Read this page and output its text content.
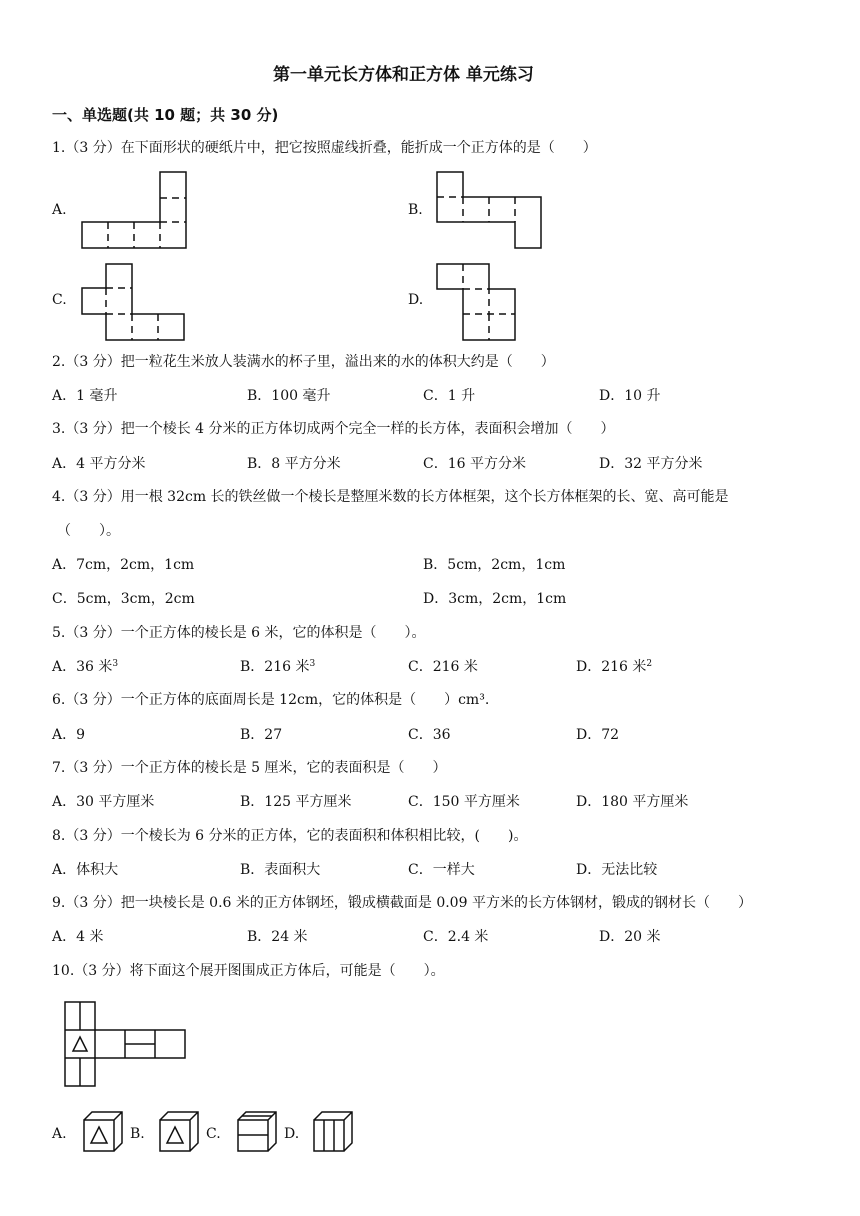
第一单元长方体和正方体 单元练习
一、单选题(共 10 题；共 30 分)
1.（3 分）在下面形状的硬纸片中，把它按照虚线折叠，能折成一个正方体的是（　　）
A.	B.
C.	D.
2.（3 分）把一粒花生米放人装满水的杯子里，溢出来的水的体积大约是（　　）
A．1 毫升	B．100 毫升	C．1 升	D．10 升
3.（3 分）把一个棱长 4 分米的正方体切成两个完全一样的长方体，表面积会增加（　　）
A．4 平方分米	B．8 平方分米	C．16 平方分米	D．32 平方分米
4.（3 分）用一根 32cm 长的铁丝做一个棱长是整厘米数的长方体框架，这个长方体框架的长、宽、高可能是
（　　）。
A．7cm，2cm，1cm	B．5cm，2cm，1cm
C．5cm，3cm，2cm	D．3cm，2cm，1cm
5.（3 分）一个正方体的棱长是 6 米，它的体积是（　　）。
A．36 米$^3$	B．216 米$^3$	C．216 米	D．216 米$^2$
6.（3 分）一个正方体的底面周长是 12cm，它的体积是（　　）cm³.
A．9	B．27	C．36	D．72
7.（3 分）一个正方体的棱长是 5 厘米，它的表面积是（　　）
A．30 平方厘米	B．125 平方厘米	C．150 平方厘米	D．180 平方厘米
8.（3 分）一个棱长为 6 分米的正方体，它的表面积和体积相比较，(　　)。
A．体积大	B．表面积大	C．一样大	D．无法比较
9.（3 分）把一块棱长是 0.6 米的正方体钢坯，锻成横截面是 0.09 平方米的长方体钢材，锻成的钢材长（　　）
A．4 米	B．24 米	C．2.4 米	D．20 米
10.（3 分）将下面这个展开图围成正方体后，可能是（　　）。
A.	B.	C.	D.
